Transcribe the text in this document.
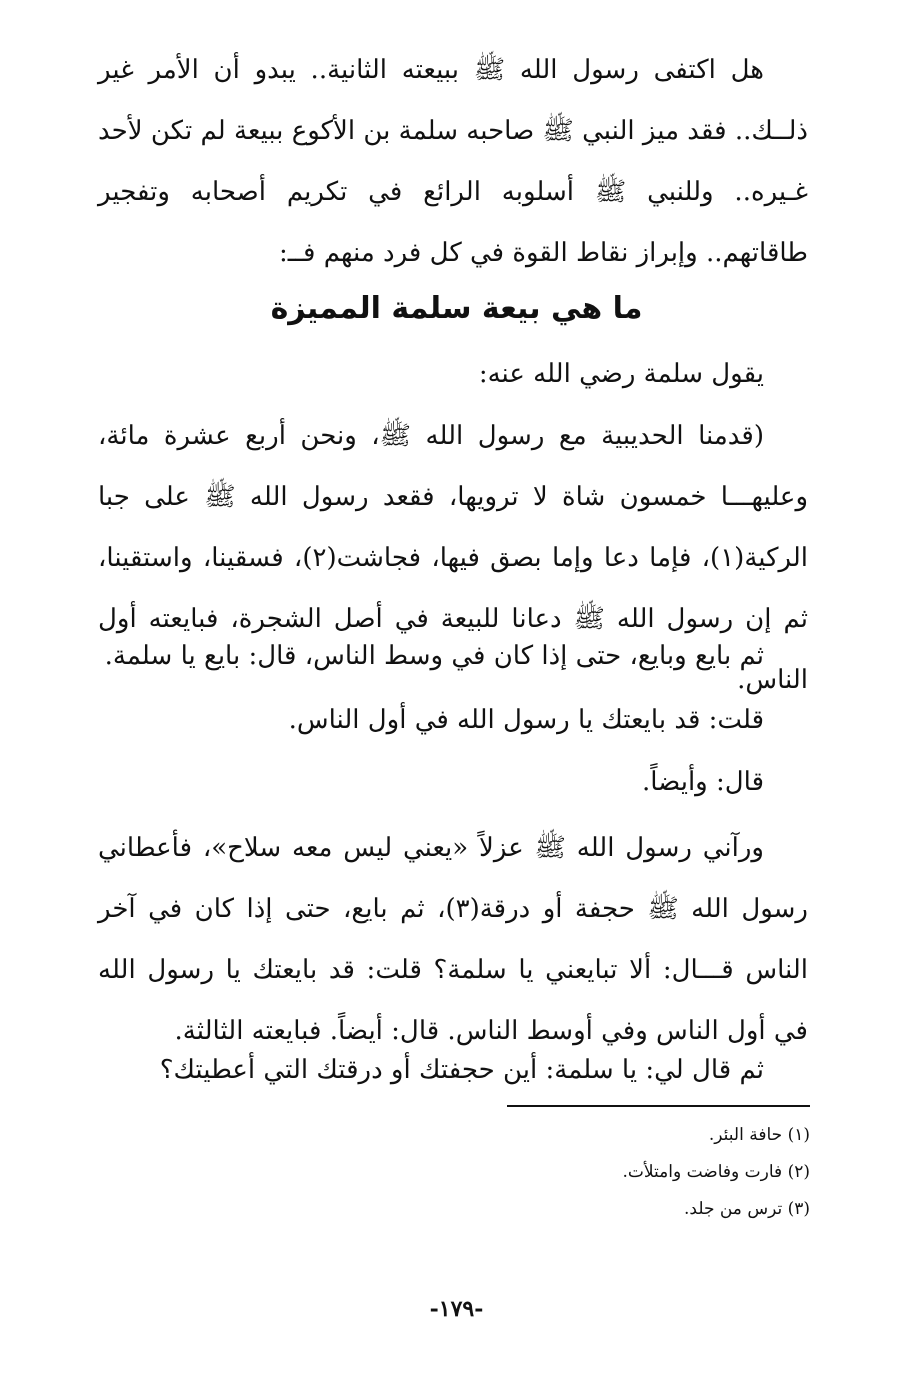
هل اكتفى رسول الله ﷺ ببيعته الثانية.. يبدو أن الأمر غير ذلــك.. فقد ميز النبي ﷺ صاحبه سلمة بن الأكوع ببيعة لم تكن لأحد غـيره.. وللنبي ﷺ أسلوبه الرائع في تكريم أصحابه وتفجير طاقاتهم.. وإبراز نقاط القوة في كل فرد منهم فــ:
ما هي بيعة سلمة المميزة
يقول سلمة رضي الله عنه:
(قدمنا الحديبية مع رسول الله ﷺ، ونحن أربع عشرة مائة، وعليهـــا خمسون شاة لا ترويها، فقعد رسول الله ﷺ على جبا الركية(١)، فإما دعا وإما بصق فيها، فجاشت(٢)، فسقينا، واستقينا، ثم إن رسول الله ﷺ دعانا للبيعة في أصل الشجرة، فبايعته أول الناس.
ثم بايع وبايع، حتى إذا كان في وسط الناس، قال: بايع يا سلمة.
قلت: قد بايعتك يا رسول الله في أول الناس.
قال: وأيضاً.
ورآني رسول الله ﷺ عزلاً «يعني ليس معه سلاح»، فأعطاني رسول الله ﷺ حجفة أو درقة(٣)، ثم بايع، حتى إذا كان في آخر الناس قـــال: ألا تبايعني يا سلمة؟ قلت: قد بايعتك يا رسول الله في أول الناس وفي أوسط الناس. قال: أيضاً. فبايعته الثالثة.
ثم قال لي: يا سلمة: أين حجفتك أو درقتك التي أعطيتك؟
(١) حافة البئر.
(٢) فارت وفاضت وامتلأت.
(٣) ترس من جلد.
-١٧٩-
